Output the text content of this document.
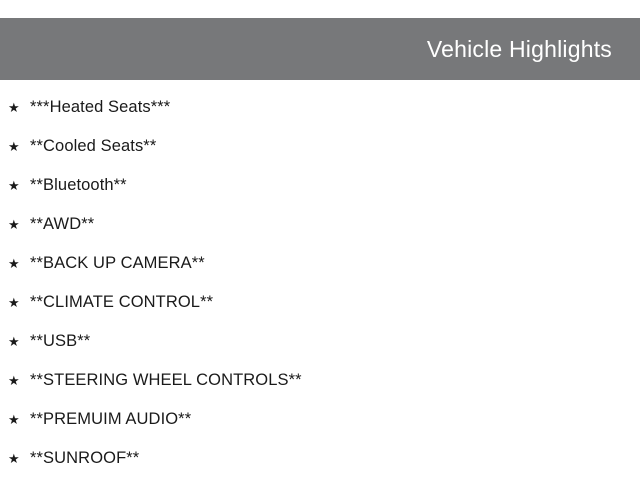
Vehicle Highlights
★ ***Heated Seats***
★ **Cooled Seats**
★ **Bluetooth**
★ **AWD**
★ **BACK UP CAMERA**
★ **CLIMATE CONTROL**
★ **USB**
★ **STEERING WHEEL CONTROLS**
★ **PREMUIM AUDIO**
★ **SUNROOF**
